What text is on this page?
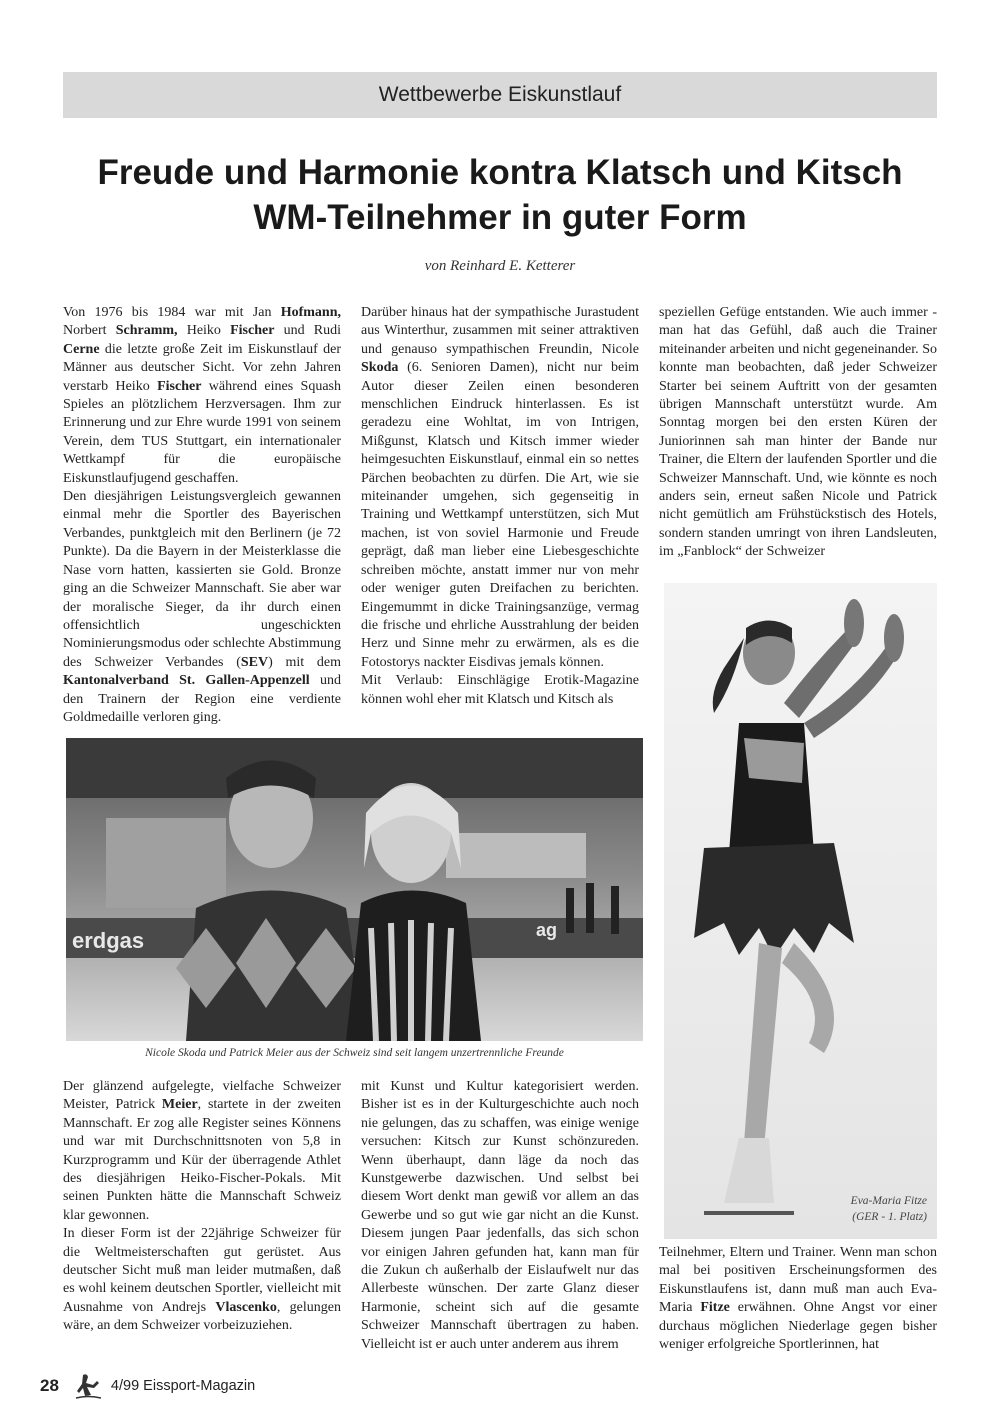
Wettbewerbe Eiskunstlauf
Freude und Harmonie kontra Klatsch und Kitsch
WM-Teilnehmer in guter Form
von Reinhard E. Ketterer

Von 1976 bis 1984 war mit Jan Hofmann, Norbert Schramm, Heiko Fischer und Rudi Cerne die letzte große Zeit im Eiskunstlauf der Männer aus deutscher Sicht. Vor zehn Jahren verstarb Heiko Fischer während eines Squash Spieles an plötzlichem Herzversagen. Ihm zur Erinnerung und zur Ehre wurde 1991 von seinem Verein, dem TUS Stuttgart, ein internationaler Wettkampf für die europäische Eiskunstlaufjugend geschaffen.

Den diesjährigen Leistungsvergleich gewannen einmal mehr die Sportler des Bayerischen Verbandes, punktgleich mit den Berlinern (je 72 Punkte). Da die Bayern in der Meisterklasse die Nase vorn hatten, kassierten sie Gold. Bronze ging an die Schweizer Mannschaft. Sie aber war der moralische Sieger, da ihr durch einen offensichtlich ungeschickten Nominierungsmodus oder schlechte Abstimmung des Schweizer Verbandes (SEV) mit dem Kantonalverband St. Gallen-Appenzell und den Trainern der Region eine verdiente Goldmedaille verloren ging.

Darüber hinaus hat der sympathische Jurastudent aus Winterthur, zusammen mit seiner attraktiven und genauso sympathischen Freundin, Nicole Skoda (6. Senioren Damen), nicht nur beim Autor dieser Zeilen einen besonderen menschlichen Eindruck hinterlassen. Es ist geradezu eine Wohltat, im von Intrigen, Mißgunst, Klatsch und Kitsch immer wieder heimgesuchten Eiskunstlauf, einmal ein so nettes Pärchen beobachten zu dürfen. Die Art, wie sie miteinander umgehen, sich gegenseitig in Training und Wettkampf unterstützen, sich Mut machen, ist von soviel Harmonie und Freude geprägt, daß man lieber eine Liebesgeschichte schreiben möchte, anstatt immer nur von mehr oder weniger guten Dreifachen zu berichten. Eingemummt in dicke Trainingsanzüge, vermag die frische und ehrliche Ausstrahlung der beiden Herz und Sinne mehr zu erwärmen, als es die Fotostorys nackter Eisdivas jemals können.

Mit Verlaub: Einschlägige Erotik-Magazine können wohl eher mit Klatsch und Kitsch als

speziellen Gefüge entstanden. Wie auch immer - man hat das Gefühl, daß auch die Trainer miteinander arbeiten und nicht gegeneinander. So konnte man beobachten, daß jeder Schweizer Starter bei seinem Auftritt von der gesamten übrigen Mannschaft unterstützt wurde. Am Sonntag morgen bei den ersten Küren der Juniorinnen sah man hinter der Bande nur Trainer, die Eltern der laufenden Sportler und die Schweizer Mannschaft. Und, wie könnte es noch anders sein, erneut saßen Nicole und Patrick nicht gemütlich am Frühstückstisch des Hotels, sondern standen umringt von ihren Landsleuten, im „Fanblock“ der Schweizer

erdgas	ag
Nicole Skoda und Patrick Meier aus der Schweiz sind seit langem unzertrennliche Freunde
Eva-Maria Fitze
(GER - 1. Platz)

Der glänzend aufgelegte, vielfache Schweizer Meister, Patrick Meier, startete in der zweiten Mannschaft. Er zog alle Register seines Könnens und war mit Durchschnittsnoten von 5,8 in Kurzprogramm und Kür der überragende Athlet des diesjährigen Heiko-Fischer-Pokals. Mit seinen Punkten hätte die Mannschaft Schweiz klar gewonnen.

In dieser Form ist der 22jährige Schweizer für die Weltmeisterschaften gut gerüstet. Aus deutscher Sicht muß man leider mutmaßen, daß es wohl keinem deutschen Sportler, vielleicht mit Ausnahme von Andrejs Vlascenko, gelungen wäre, an dem Schweizer vorbeizuziehen.

mit Kunst und Kultur kategorisiert werden. Bisher ist es in der Kulturgeschichte auch noch nie gelungen, das zu schaffen, was einige wenige versuchen: Kitsch zur Kunst schönzureden. Wenn überhaupt, dann läge da noch das Kunstgewerbe dazwischen. Und selbst bei diesem Wort denkt man gewiß vor allem an das Gewerbe und so gut wie gar nicht an die Kunst. Diesem jungen Paar jedenfalls, das sich schon vor einigen Jahren gefunden hat, kann man für die Zukun ch außerhalb der Eislaufwelt nur das Allerbeste wünschen. Der zarte Glanz dieser Harmonie, scheint sich auf die gesamte Schweizer Mannschaft übertragen zu haben. Vielleicht ist er auch unter anderem aus ihrem

Teilnehmer, Eltern und Trainer. Wenn man schon mal bei positiven Erscheinungsformen des Eiskunstlaufens ist, dann muß man auch Eva-Maria Fitze erwähnen. Ohne Angst vor einer durchaus möglichen Niederlage gegen bisher weniger erfolgreiche Sportlerinnen, hat

28	4/99 Eissport-Magazin
